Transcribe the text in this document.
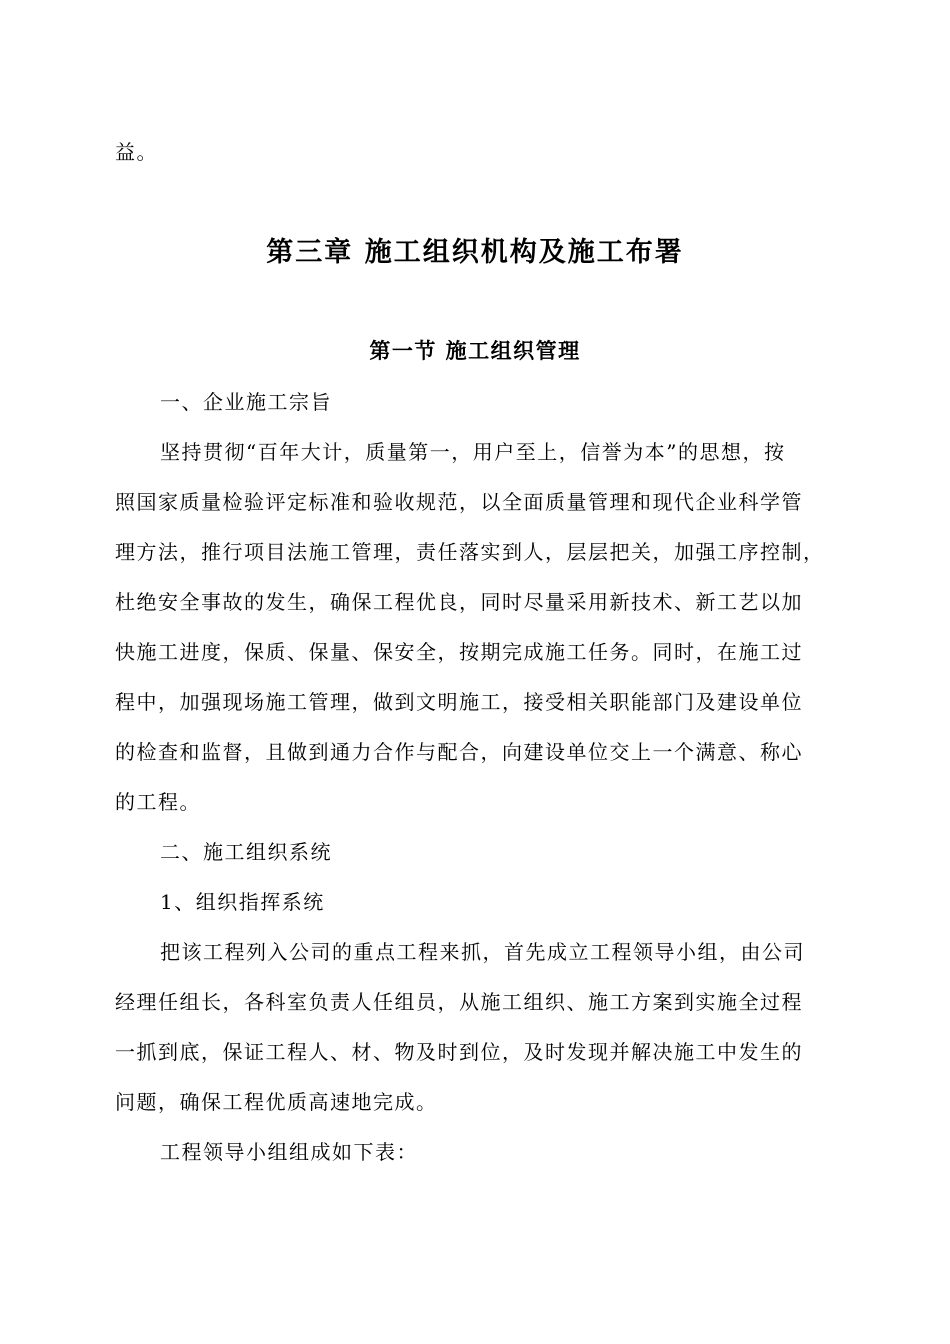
益。
第三章 施工组织机构及施工布署
第一节 施工组织管理
一、企业施工宗旨
坚持贯彻“百年大计，质量第一，用户至上，信誉为本”的思想，按
照国家质量检验评定标准和验收规范，以全面质量管理和现代企业科学管
理方法，推行项目法施工管理，责任落实到人，层层把关，加强工序控制，
杜绝安全事故的发生，确保工程优良，同时尽量采用新技术、新工艺以加
快施工进度，保质、保量、保安全，按期完成施工任务。同时，在施工过
程中，加强现场施工管理，做到文明施工，接受相关职能部门及建设单位
的检查和监督，且做到通力合作与配合，向建设单位交上一个满意、称心
的工程。
二、施工组织系统
1、组织指挥系统
把该工程列入公司的重点工程来抓，首先成立工程领导小组，由公司
经理任组长，各科室负责人任组员，从施工组织、施工方案到实施全过程
一抓到底，保证工程人、材、物及时到位，及时发现并解决施工中发生的
问题，确保工程优质高速地完成。
工程领导小组组成如下表：
